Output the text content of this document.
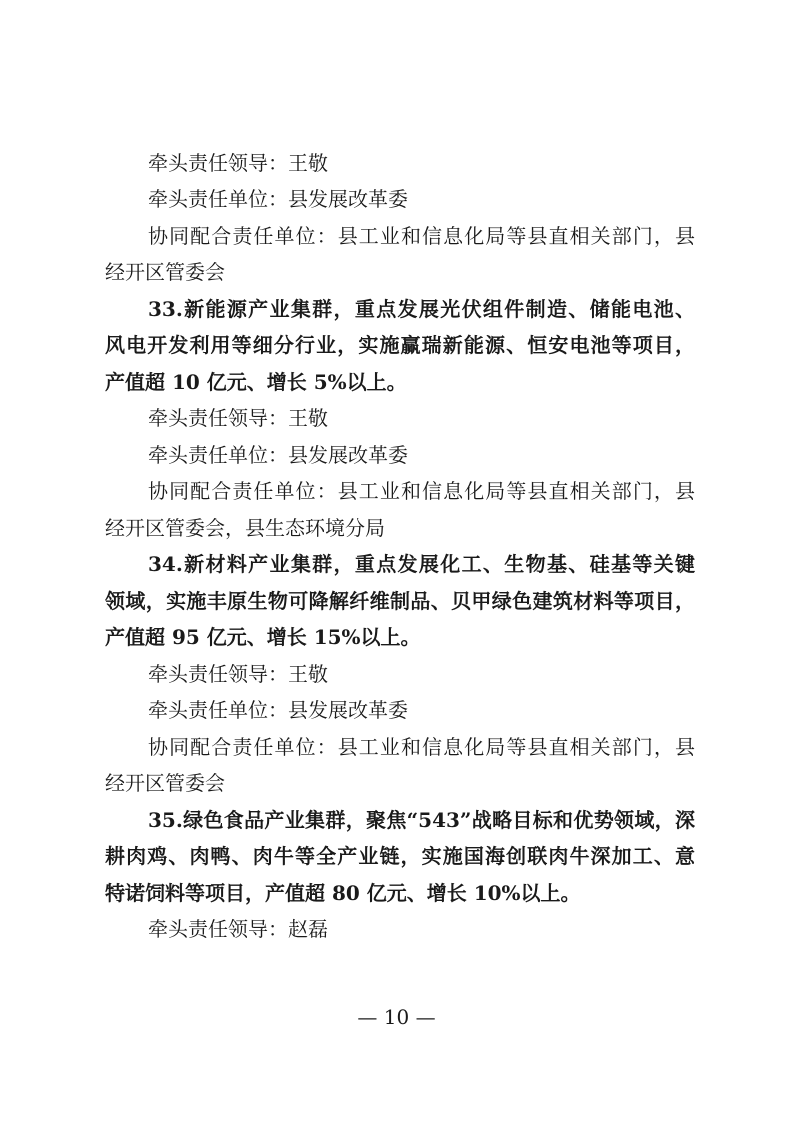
牵头责任领导：王敬
牵头责任单位：县发展改革委
协同配合责任单位：县工业和信息化局等县直相关部门，县
经开区管委会
33.新能源产业集群，重点发展光伏组件制造、储能电池、
风电开发利用等细分行业，实施赢瑞新能源、恒安电池等项目，
产值超 10 亿元、增长 5%以上。
牵头责任领导：王敬
牵头责任单位：县发展改革委
协同配合责任单位：县工业和信息化局等县直相关部门，县
经开区管委会，县生态环境分局
34.新材料产业集群，重点发展化工、生物基、硅基等关键
领域，实施丰原生物可降解纤维制品、贝甲绿色建筑材料等项目，
产值超 95 亿元、增长 15%以上。
牵头责任领导：王敬
牵头责任单位：县发展改革委
协同配合责任单位：县工业和信息化局等县直相关部门，县
经开区管委会
35.绿色食品产业集群，聚焦“543”战略目标和优势领域，深
耕肉鸡、肉鸭、肉牛等全产业链，实施国海创联肉牛深加工、意
特诺饲料等项目，产值超 80 亿元、增长 10%以上。
牵头责任领导：赵磊
— 10 —
